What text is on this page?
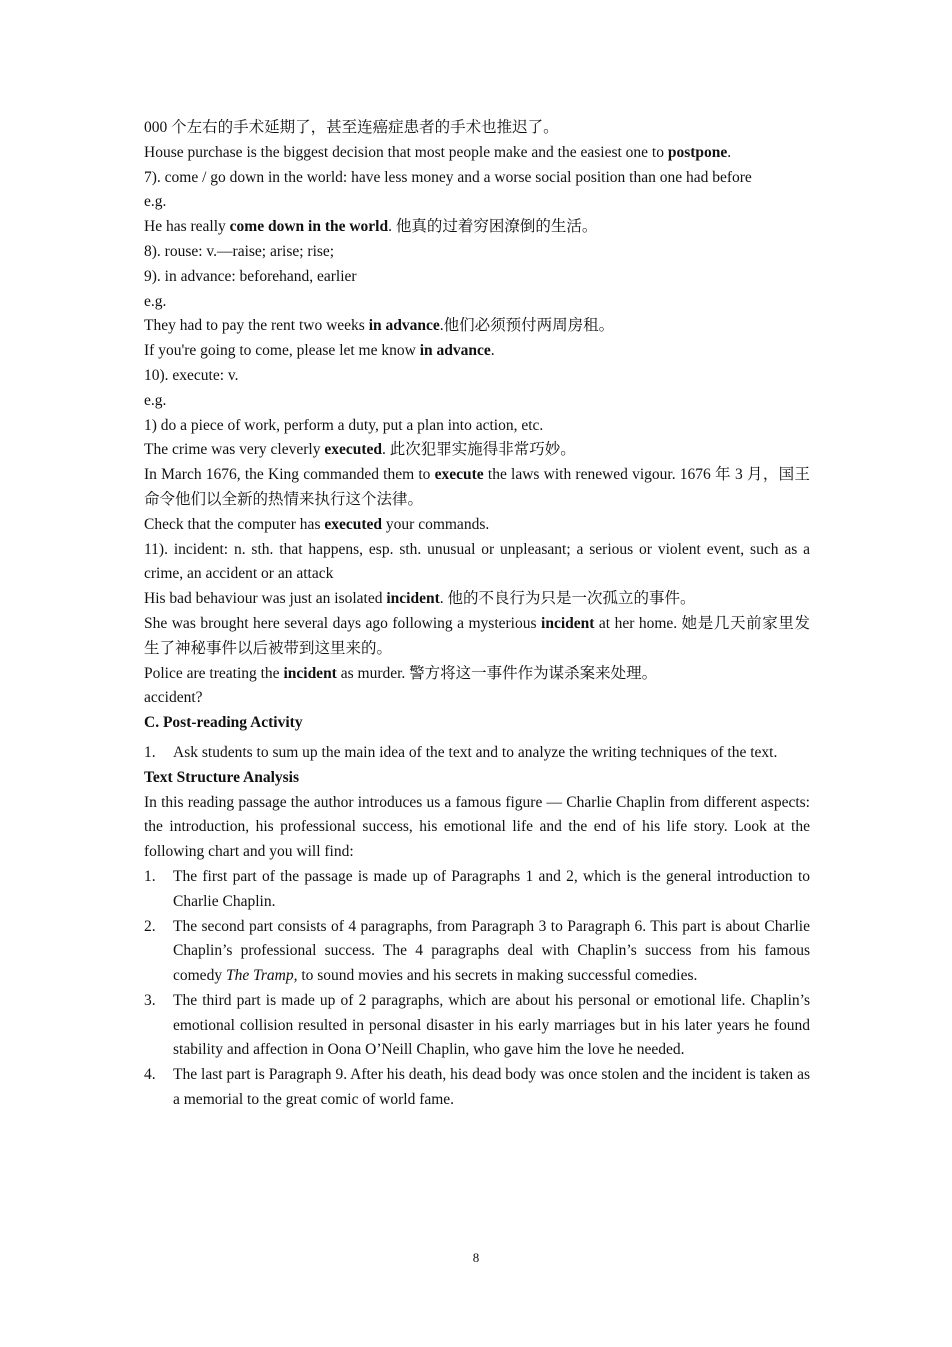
000 个左右的手术延期了，甚至连癌症患者的手术也推迟了。

House purchase is the biggest decision that most people make and the easiest one to postpone.

7). come / go down in the world: have less money and a worse social position than one had before

e.g.

He has really come down in the world. 他真的过着穷困潦倒的生活。

8). rouse: v.—raise; arise; rise;

9). in advance: beforehand, earlier

e.g.

They had to pay the rent two weeks in advance.他们必须预付两周房租。

If you're going to come, please let me know in advance.

10). execute: v.

e.g.

1) do a piece of work, perform a duty, put a plan into action, etc.

The crime was very cleverly executed. 此次犯罪实施得非常巧妙。

In March 1676, the King commanded them to execute the laws with renewed vigour. 1676 年 3 月，国王命令他们以全新的热情来执行这个法律。

Check that the computer has executed your commands.

11). incident: n. sth. that happens, esp. sth. unusual or unpleasant; a serious or violent event, such as a crime, an accident or an attack

His bad behaviour was just an isolated incident. 他的不良行为只是一次孤立的事件。

She was brought here several days ago following a mysterious incident at her home. 她是几天前家里发生了神秘事件以后被带到这里来的。

Police are treating the incident as murder. 警方将这一事件作为谋杀案来处理。

accident?

C. Post-reading Activity

1. Ask students to sum up the main idea of the text and to analyze the writing techniques of the text.

Text Structure Analysis

In this reading passage the author introduces us a famous figure — Charlie Chaplin from different aspects: the introduction, his professional success, his emotional life and the end of his life story. Look at the following chart and you will find:

1. The first part of the passage is made up of Paragraphs 1 and 2, which is the general introduction to Charlie Chaplin.
2. The second part consists of 4 paragraphs, from Paragraph 3 to Paragraph 6. This part is about Charlie Chaplin’s professional success. The 4 paragraphs deal with Chaplin’s success from his famous comedy The Tramp, to sound movies and his secrets in making successful comedies.
3. The third part is made up of 2 paragraphs, which are about his personal or emotional life. Chaplin’s emotional collision resulted in personal disaster in his early marriages but in his later years he found stability and affection in Oona O’Neill Chaplin, who gave him the love he needed.
4. The last part is Paragraph 9. After his death, his dead body was once stolen and the incident is taken as a memorial to the great comic of world fame.
8
